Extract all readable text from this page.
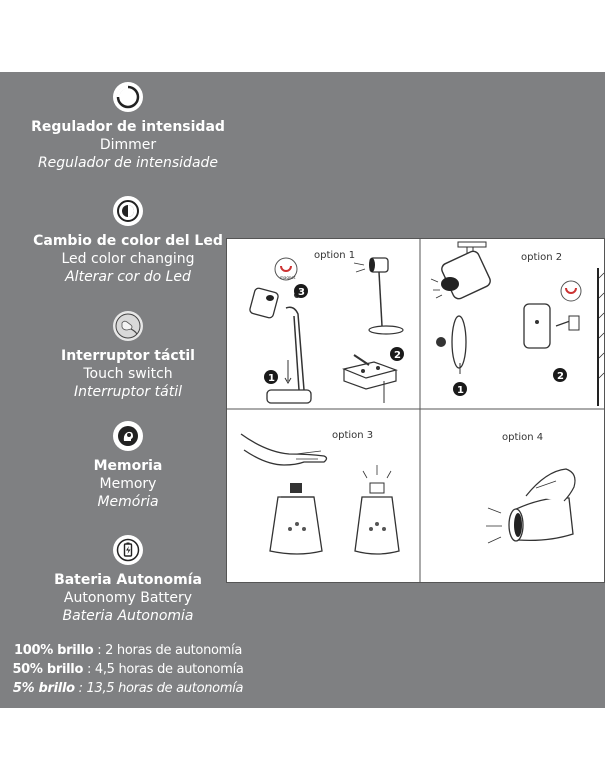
Regulador de intensidad
Dimmer
Regulador de intensidade
Cambio de color del Led
Led color changing
Alterar cor do Led
Interruptor táctil
Touch switch
Interruptor tátil
Memoria
Memory
Memória
Bateria Autonomía
Autonomy Battery
Bateria Autonomia
100% brillo : 2 horas de autonomía
50% brillo : 4,5 horas de autonomía
5% brillo : 13,5 horas de autonomía
option 1
magnet
1
2
3
option 2
1
2
option 3	option 4
